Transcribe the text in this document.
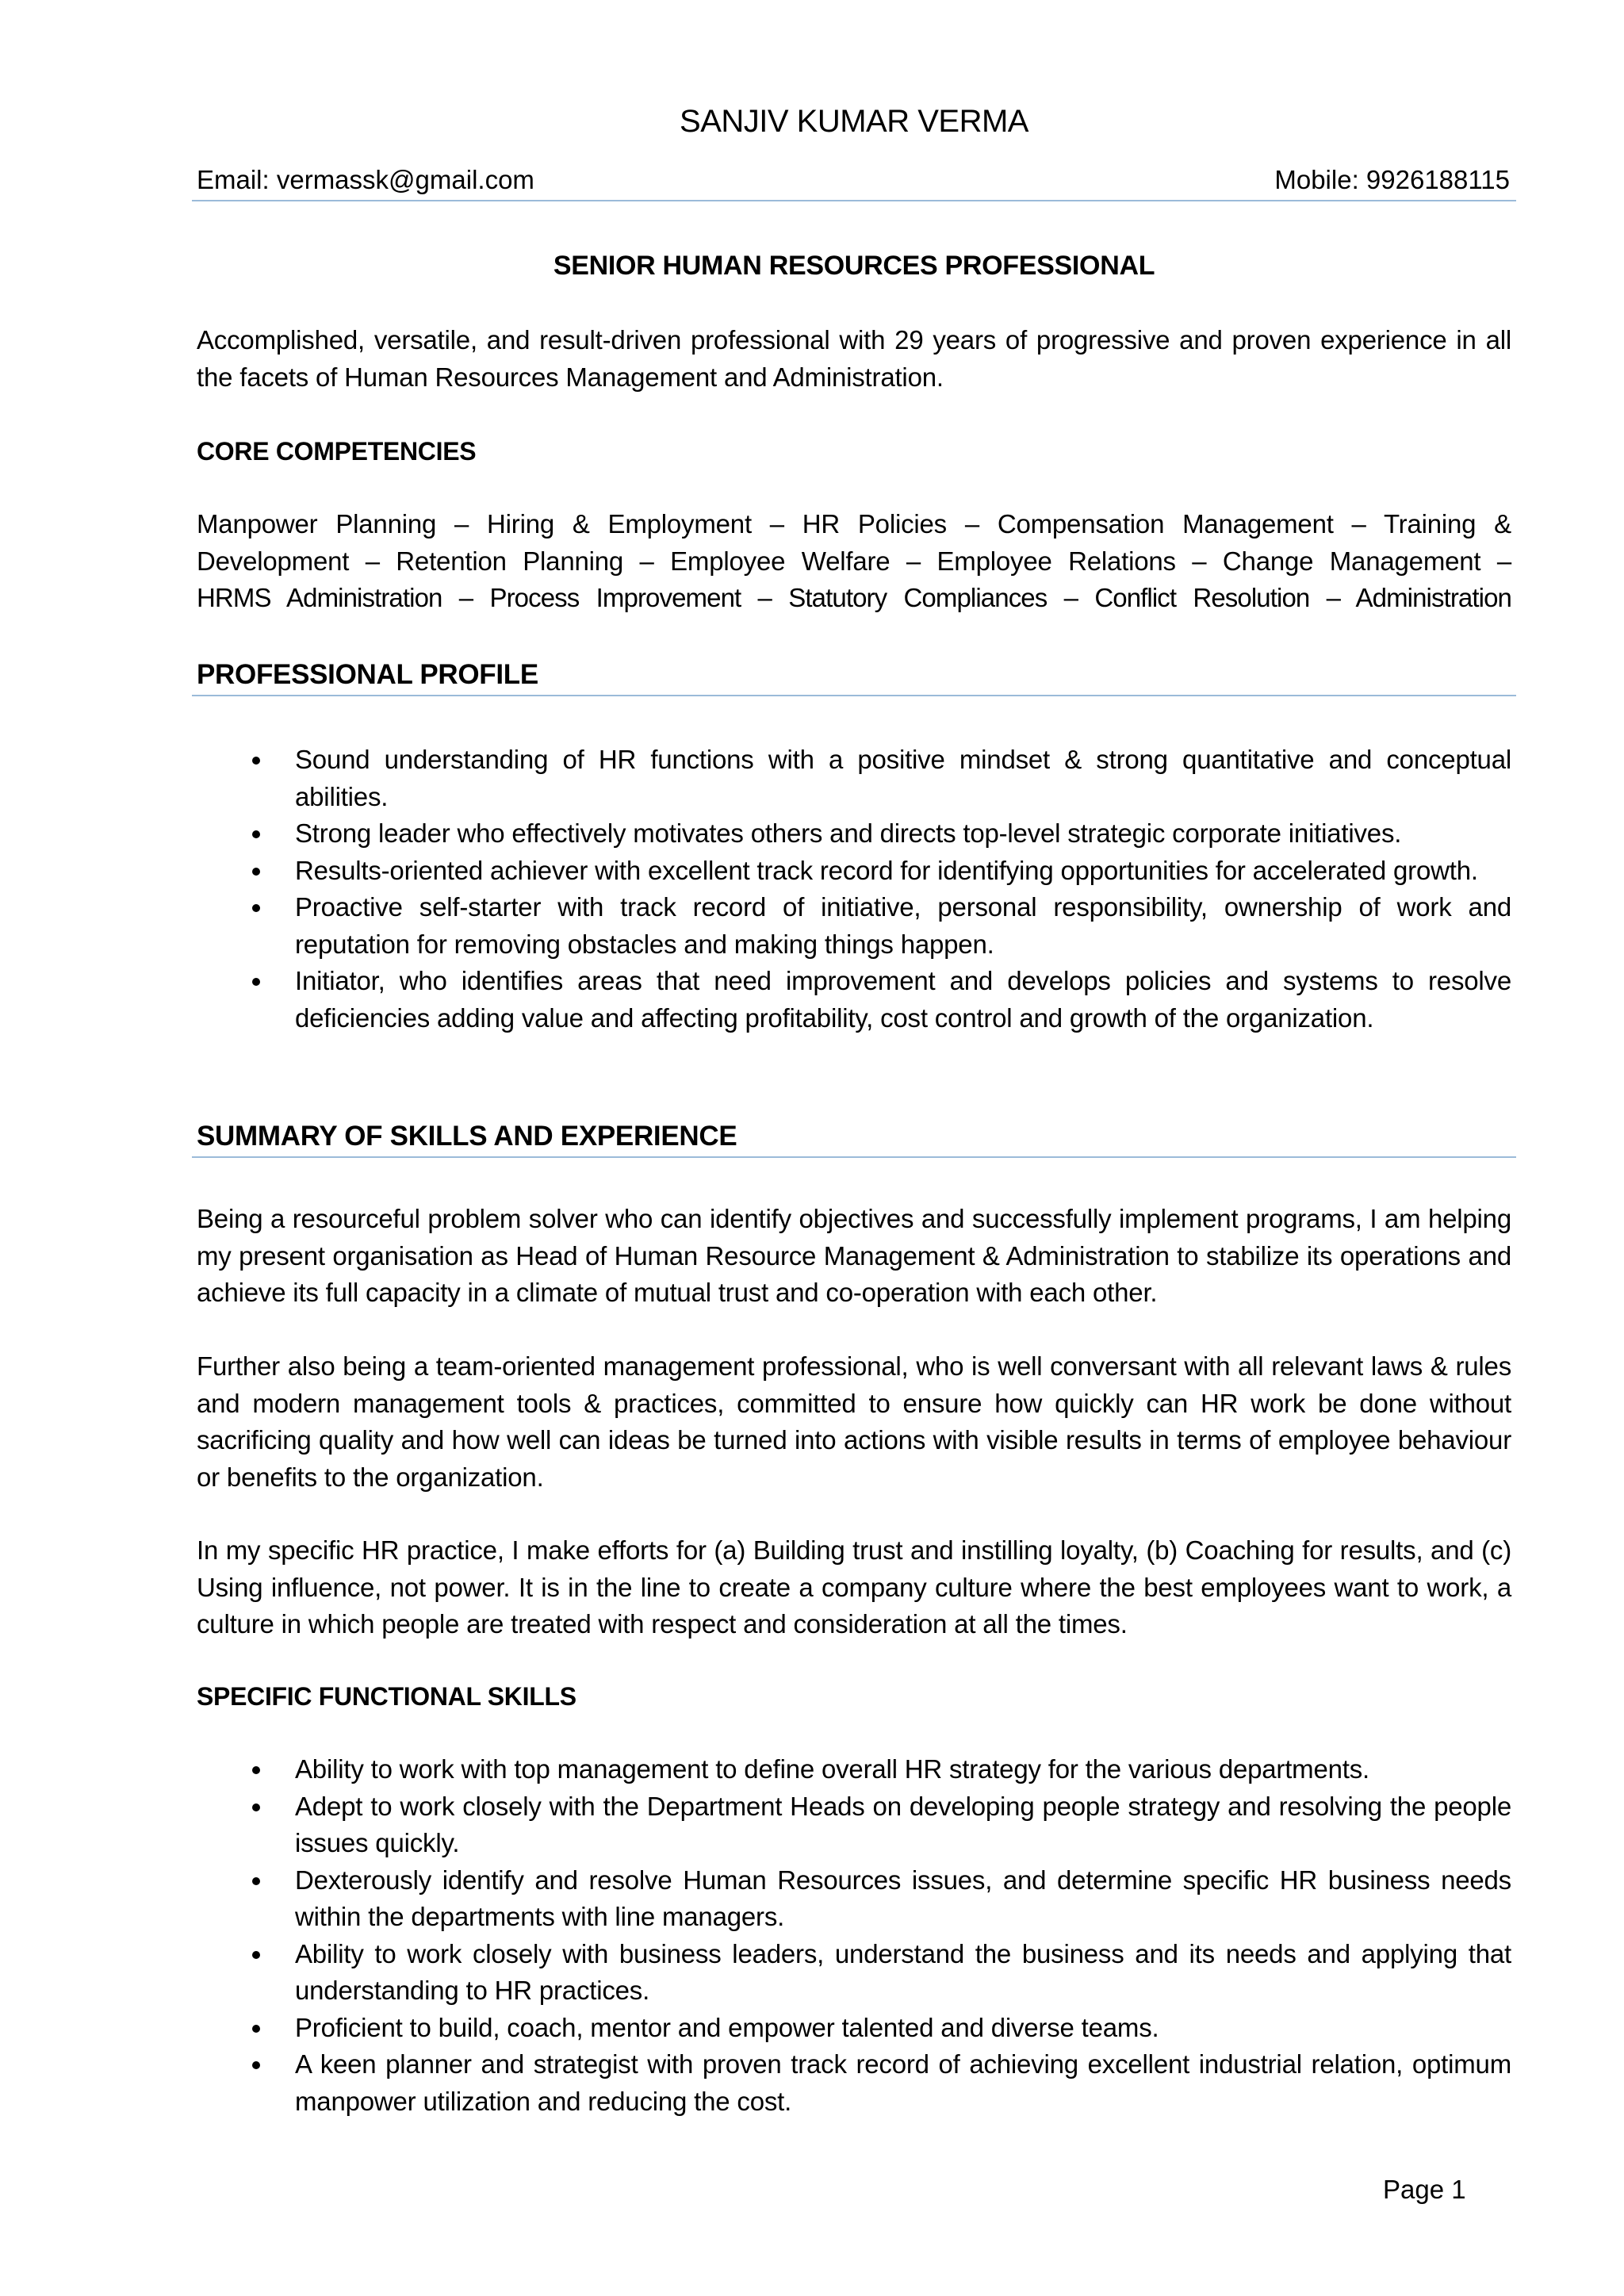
SANJIV KUMAR VERMA
Email: vermassk@gmail.com	Mobile: 9926188115
SENIOR HUMAN RESOURCES PROFESSIONAL

Accomplished, versatile, and result-driven professional with 29 years of progressive and proven experience in all the facets of Human Resources Management and Administration.

CORE COMPETENCIES
Manpower Planning – Hiring & Employment – HR Policies – Compensation Management – Training &
Development – Retention Planning – Employee Welfare – Employee Relations – Change Management –
HRMS Administration – Process Improvement – Statutory Compliances – Conflict Resolution – Administration
PROFESSIONAL PROFILE
Sound understanding of HR functions with a positive mindset & strong quantitative and conceptual abilities.
Strong leader who effectively motivates others and directs top-level strategic corporate initiatives.
Results-oriented achiever with excellent track record for identifying opportunities for accelerated growth.
Proactive self-starter with track record of initiative, personal responsibility, ownership of work and reputation for removing obstacles and making things happen.
Initiator, who identifies areas that need improvement and develops policies and systems to resolve deficiencies adding value and affecting profitability, cost control and growth of the organization.
SUMMARY OF SKILLS AND EXPERIENCE

Being a resourceful problem solver who can identify objectives and successfully implement programs, I am helping my present organisation as Head of Human Resource Management & Administration to stabilize its operations and achieve its full capacity in a climate of mutual trust and co-operation with each other.

Further also being a team-oriented management professional, who is well conversant with all relevant laws & rules and modern management tools & practices, committed to ensure how quickly can HR work be done without sacrificing quality and how well can ideas be turned into actions with visible results in terms of employee behaviour or benefits to the organization.

In my specific HR practice, I make efforts for (a) Building trust and instilling loyalty, (b) Coaching for results, and (c) Using influence, not power. It is in the line to create a company culture where the best employees want to work, a culture in which people are treated with respect and consideration at all the times.

SPECIFIC FUNCTIONAL SKILLS
Ability to work with top management to define overall HR strategy for the various departments.
Adept to work closely with the Department Heads on developing people strategy and resolving the people issues quickly.
Dexterously identify and resolve Human Resources issues, and determine specific HR business needs within the departments with line managers.
Ability to work closely with business leaders, understand the business and its needs and applying that understanding to HR practices.
Proficient to build, coach, mentor and empower talented and diverse teams.
A keen planner and strategist with proven track record of achieving excellent industrial relation, optimum manpower utilization and reducing the cost.
Page 1
